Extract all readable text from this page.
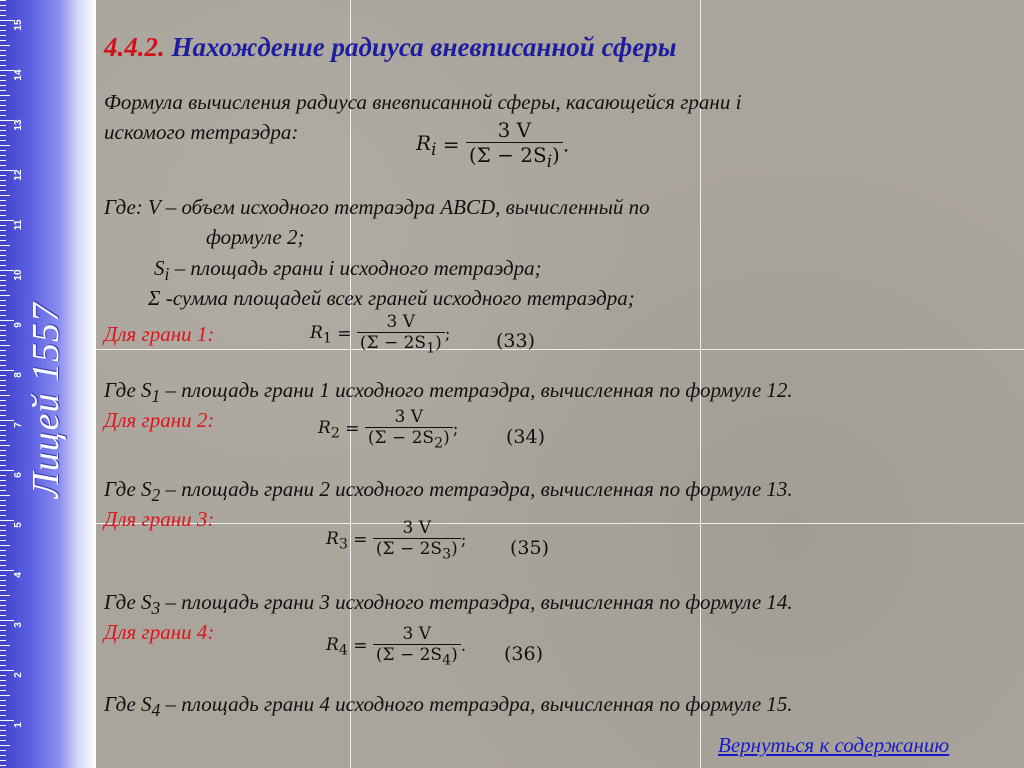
1
2
3
4
5
6
7
8
9
10
11
12
13
14
15
Лицей 1557
4.4.2. Нахождение радиуса вневписанной сферы
Формула вычисления радиуса вневписанной сферы, касающейся грани i
искомого тетраэдра:	$R_i = \frac{3 V}{(\Sigma - 2S_i)}$ .
Где: V – объем исходного тетраэдра ABCD, вычисленный по
формуле 2;
$S_i$ – площадь грани i исходного тетраэдра;
Σ -сумма площадей всех граней исходного тетраэдра;
Для грани 1:	$R_1 = \frac{3 V}{(\Sigma - 2S_1)}$ ; (33)
Где $S_1$ – площадь грани 1 исходного тетраэдра, вычисленная по формуле 12.
Для грани 2:	$R_2 = \frac{3 V}{(\Sigma - 2S_2)}$ ;	(34)
Где $S_2$ – площадь грани 2 исходного тетраэдра, вычисленная по формуле 13.
Для грани 3:
$R_3 = \frac{3 V}{(\Sigma - 2S_3)}$ ; (35)
Где $S_3$ – площадь грани 3 исходного тетраэдра, вычисленная по формуле 14.
Для грани 4:
$R_4 = \frac{3 V}{(\Sigma - 2S_4)}$ . (36)
Где $S_4$ – площадь грани 4 исходного тетраэдра, вычисленная по формуле 15.
Вернуться к содержанию
